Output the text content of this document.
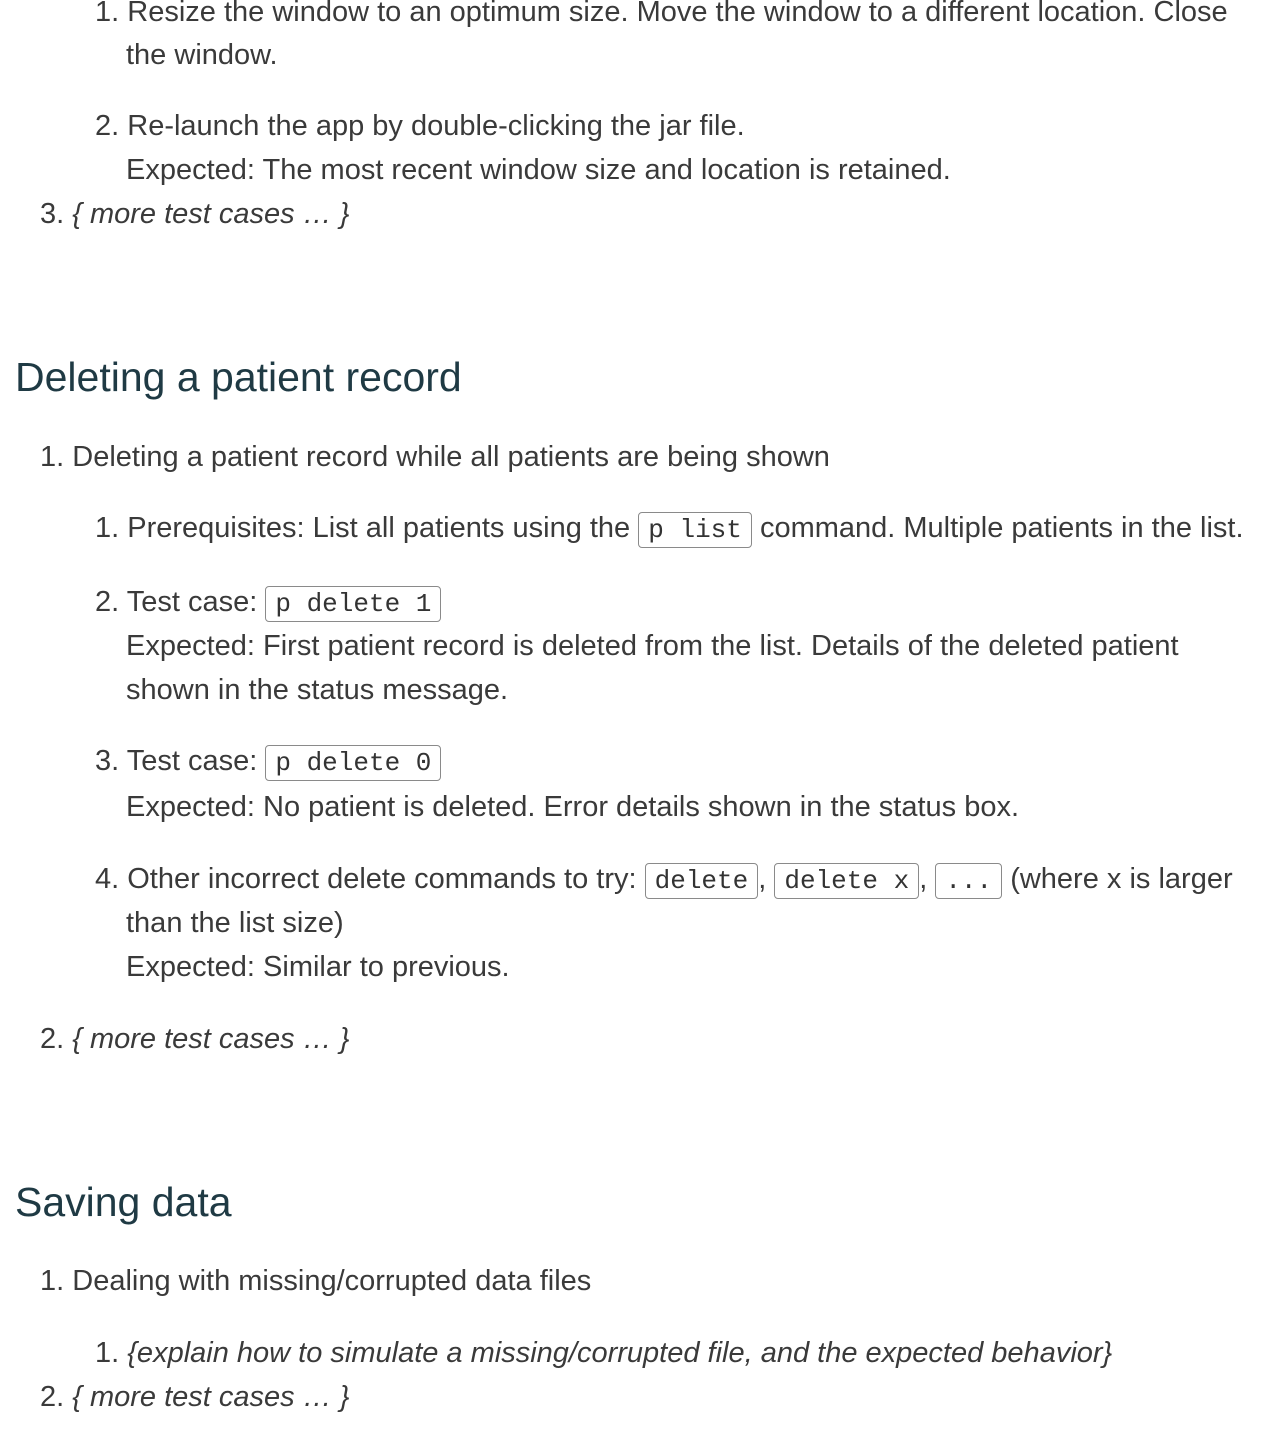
1. Resize the window to an optimum size. Move the window to a different location. Close
the window.
2. Re-launch the app by double-clicking the jar file.
Expected: The most recent window size and location is retained.
3. { more test cases … }
Deleting a patient record
1. Deleting a patient record while all patients are being shown
1. Prerequisites: List all patients using the p list command. Multiple patients in the list.
2. Test case: p delete 1
Expected: First patient record is deleted from the list. Details of the deleted patient
shown in the status message.
3. Test case: p delete 0
Expected: No patient is deleted. Error details shown in the status box.
4. Other incorrect delete commands to try: delete , delete x , ... (where x is larger
than the list size)
Expected: Similar to previous.
2. { more test cases … }
Saving data
1. Dealing with missing/corrupted data files
1. {explain how to simulate a missing/corrupted file, and the expected behavior}
2. { more test cases … }
